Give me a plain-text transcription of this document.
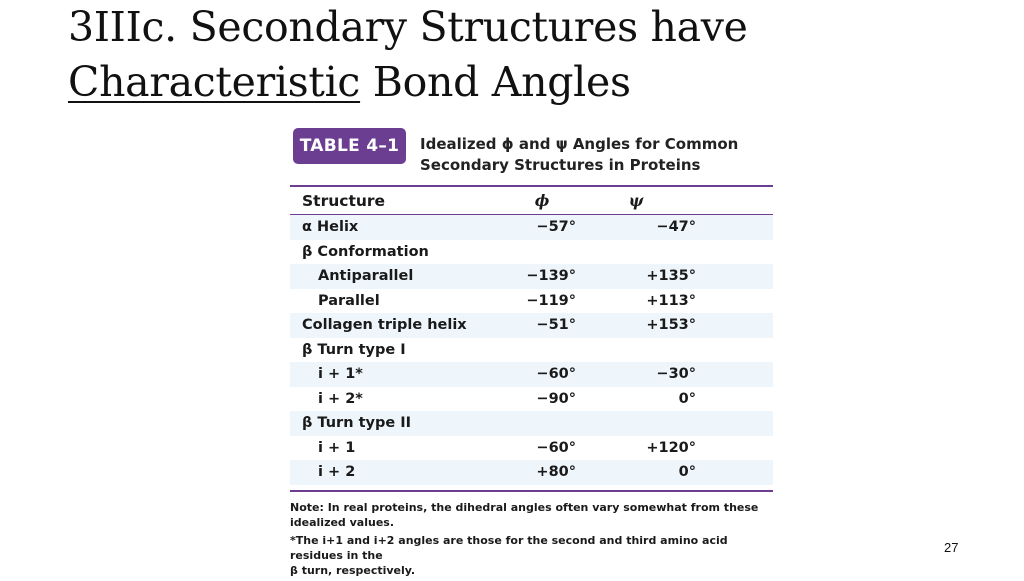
3IIIc. Secondary Structures have
Characteristic Bond Angles
TABLE 4–1	Idealized ϕ and ψ Angles for Common
Secondary Structures in Proteins
Structure	ϕ	ψ	
α Helix	−57°	−47°	
β Conformation			
Antiparallel	−139°	+135°	
Parallel	−119°	+113°	
Collagen triple helix	−51°	+153°	
β Turn type I			
i + 1*	−60°	−30°	
i + 2*	−90°	0°	
β Turn type II			
i + 1	−60°	+120°	
i + 2	+80°	0°	

Note: In real proteins, the dihedral angles often vary somewhat from these idealized values.

*The i+1 and i+2 angles are those for the second and third amino acid residues in the
β turn, respectively.

27
